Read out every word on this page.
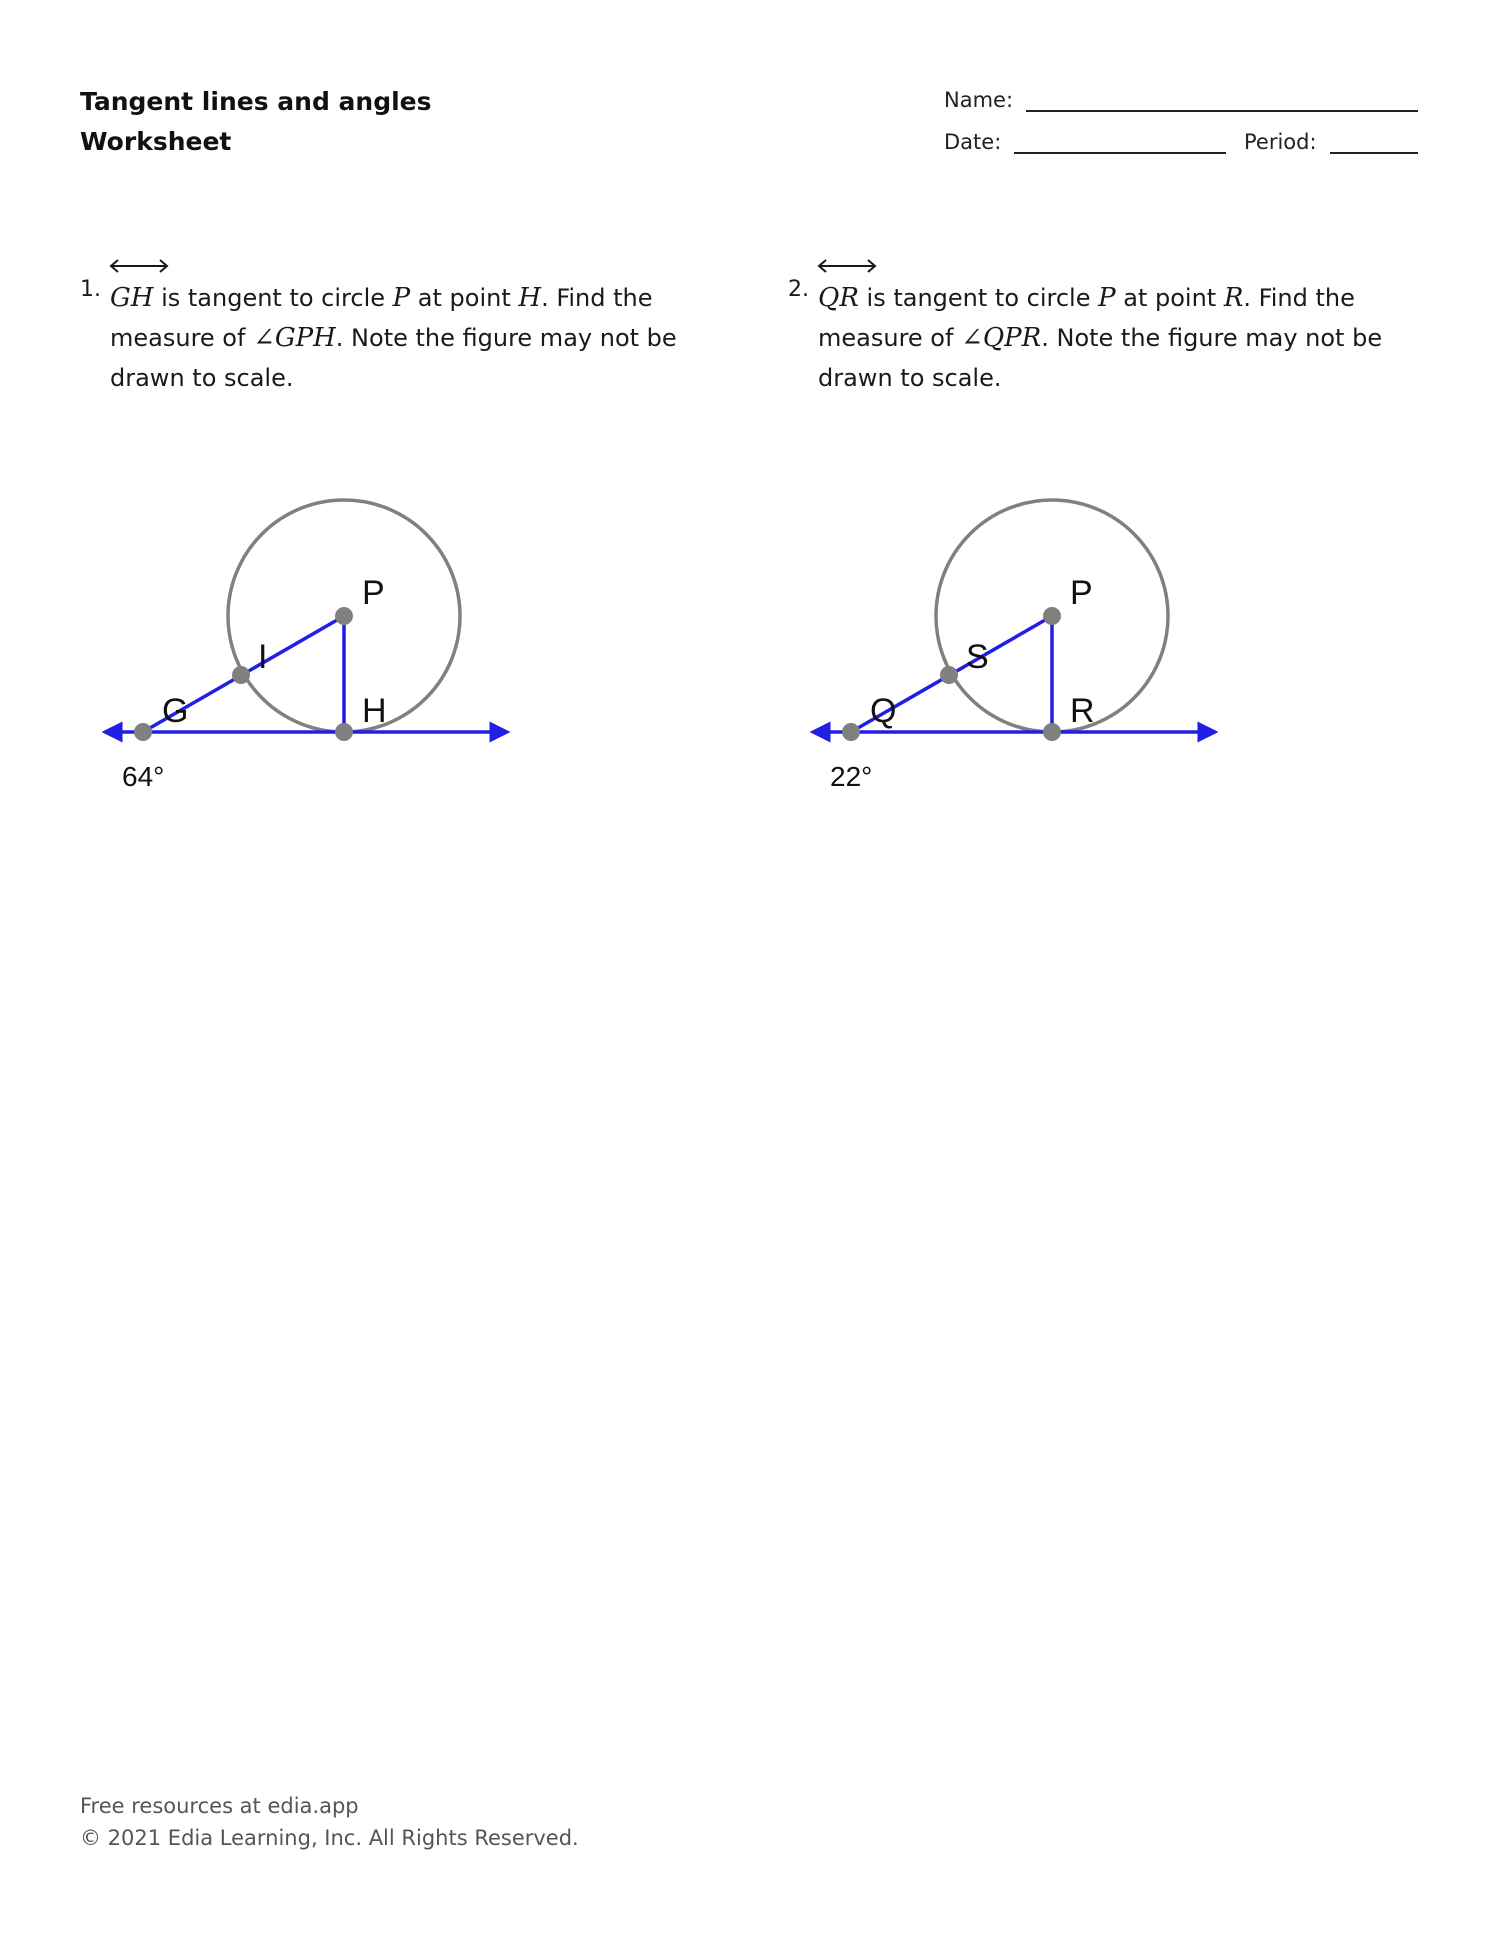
Tangent lines and angles
Worksheet
Name:
Date:	Period:
1. GH is tangent to circle P at point H. Find the measure of ∠GPH. Note the figure may not be drawn to scale.
P
I
G	H
64°
2. QR is tangent to circle P at point R. Find the measure of ∠QPR. Note the figure may not be drawn to scale.
P
S
Q	R
22°
Free resources at edia.app
© 2021 Edia Learning, Inc. All Rights Reserved.
